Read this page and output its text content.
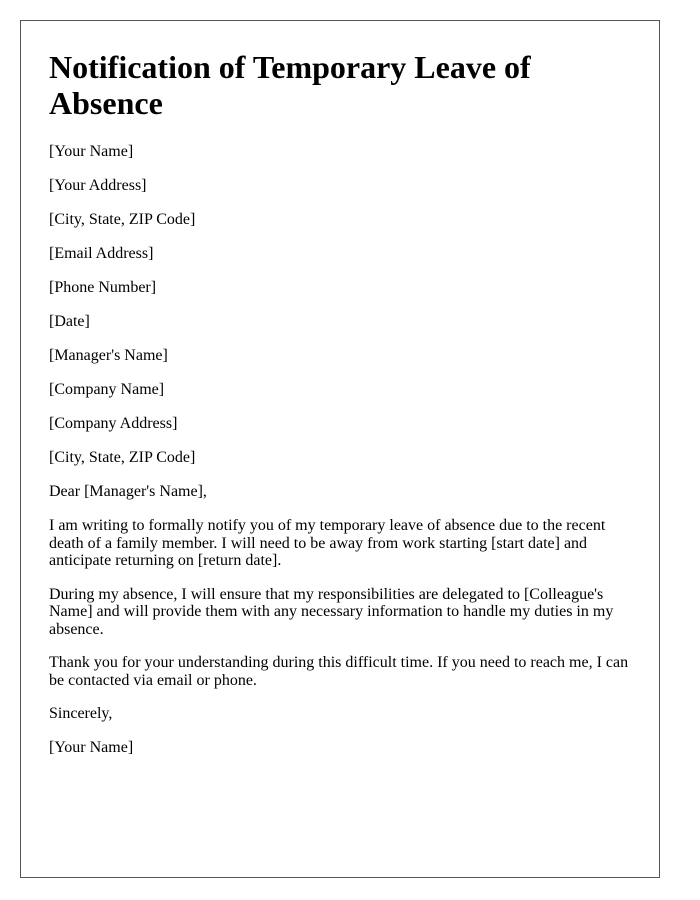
Notification of Temporary Leave of Absence

[Your Name]

[Your Address]

[City, State, ZIP Code]

[Email Address]

[Phone Number]

[Date]

[Manager's Name]

[Company Name]

[Company Address]

[City, State, ZIP Code]

Dear [Manager's Name],

I am writing to formally notify you of my temporary leave of absence due to the recent death of a family member. I will need to be away from work starting [start date] and anticipate returning on [return date].

During my absence, I will ensure that my responsibilities are delegated to [Colleague's Name] and will provide them with any necessary information to handle my duties in my absence.

Thank you for your understanding during this difficult time. If you need to reach me, I can be contacted via email or phone.

Sincerely,

[Your Name]
